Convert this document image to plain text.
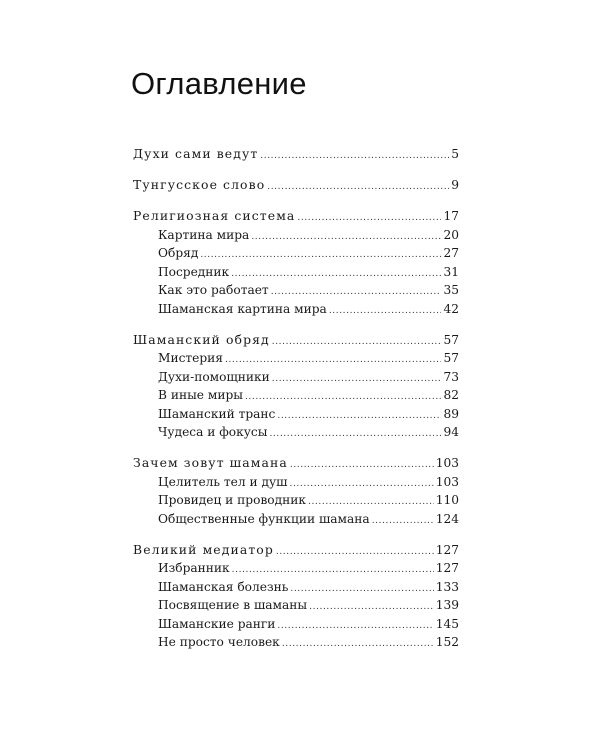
Оглавление
Духи сами ведут .....	5
Тунгусское слово .....	9
Религиозная система .....	17
Картина мира .....	20
Обряд .....	27
Посредник .....	31
Как это работает .....	35
Шаманская картина мира .....	42
Шаманский обряд .....	57
Мистерия .....	57
Духи-помощники .....	73
В иные миры .....	82
Шаманский транс .....	89
Чудеса и фокусы .....	94
Зачем зовут шамана .....	103
Целитель тел и душ .....	103
Провидец и проводник .....	110
Общественные функции шамана .....	124
Великий медиатор .....	127
Избранник .....	127
Шаманская болезнь .....	133
Посвящение в шаманы .....	139
Шаманские ранги .....	145
Не просто человек .....	152
